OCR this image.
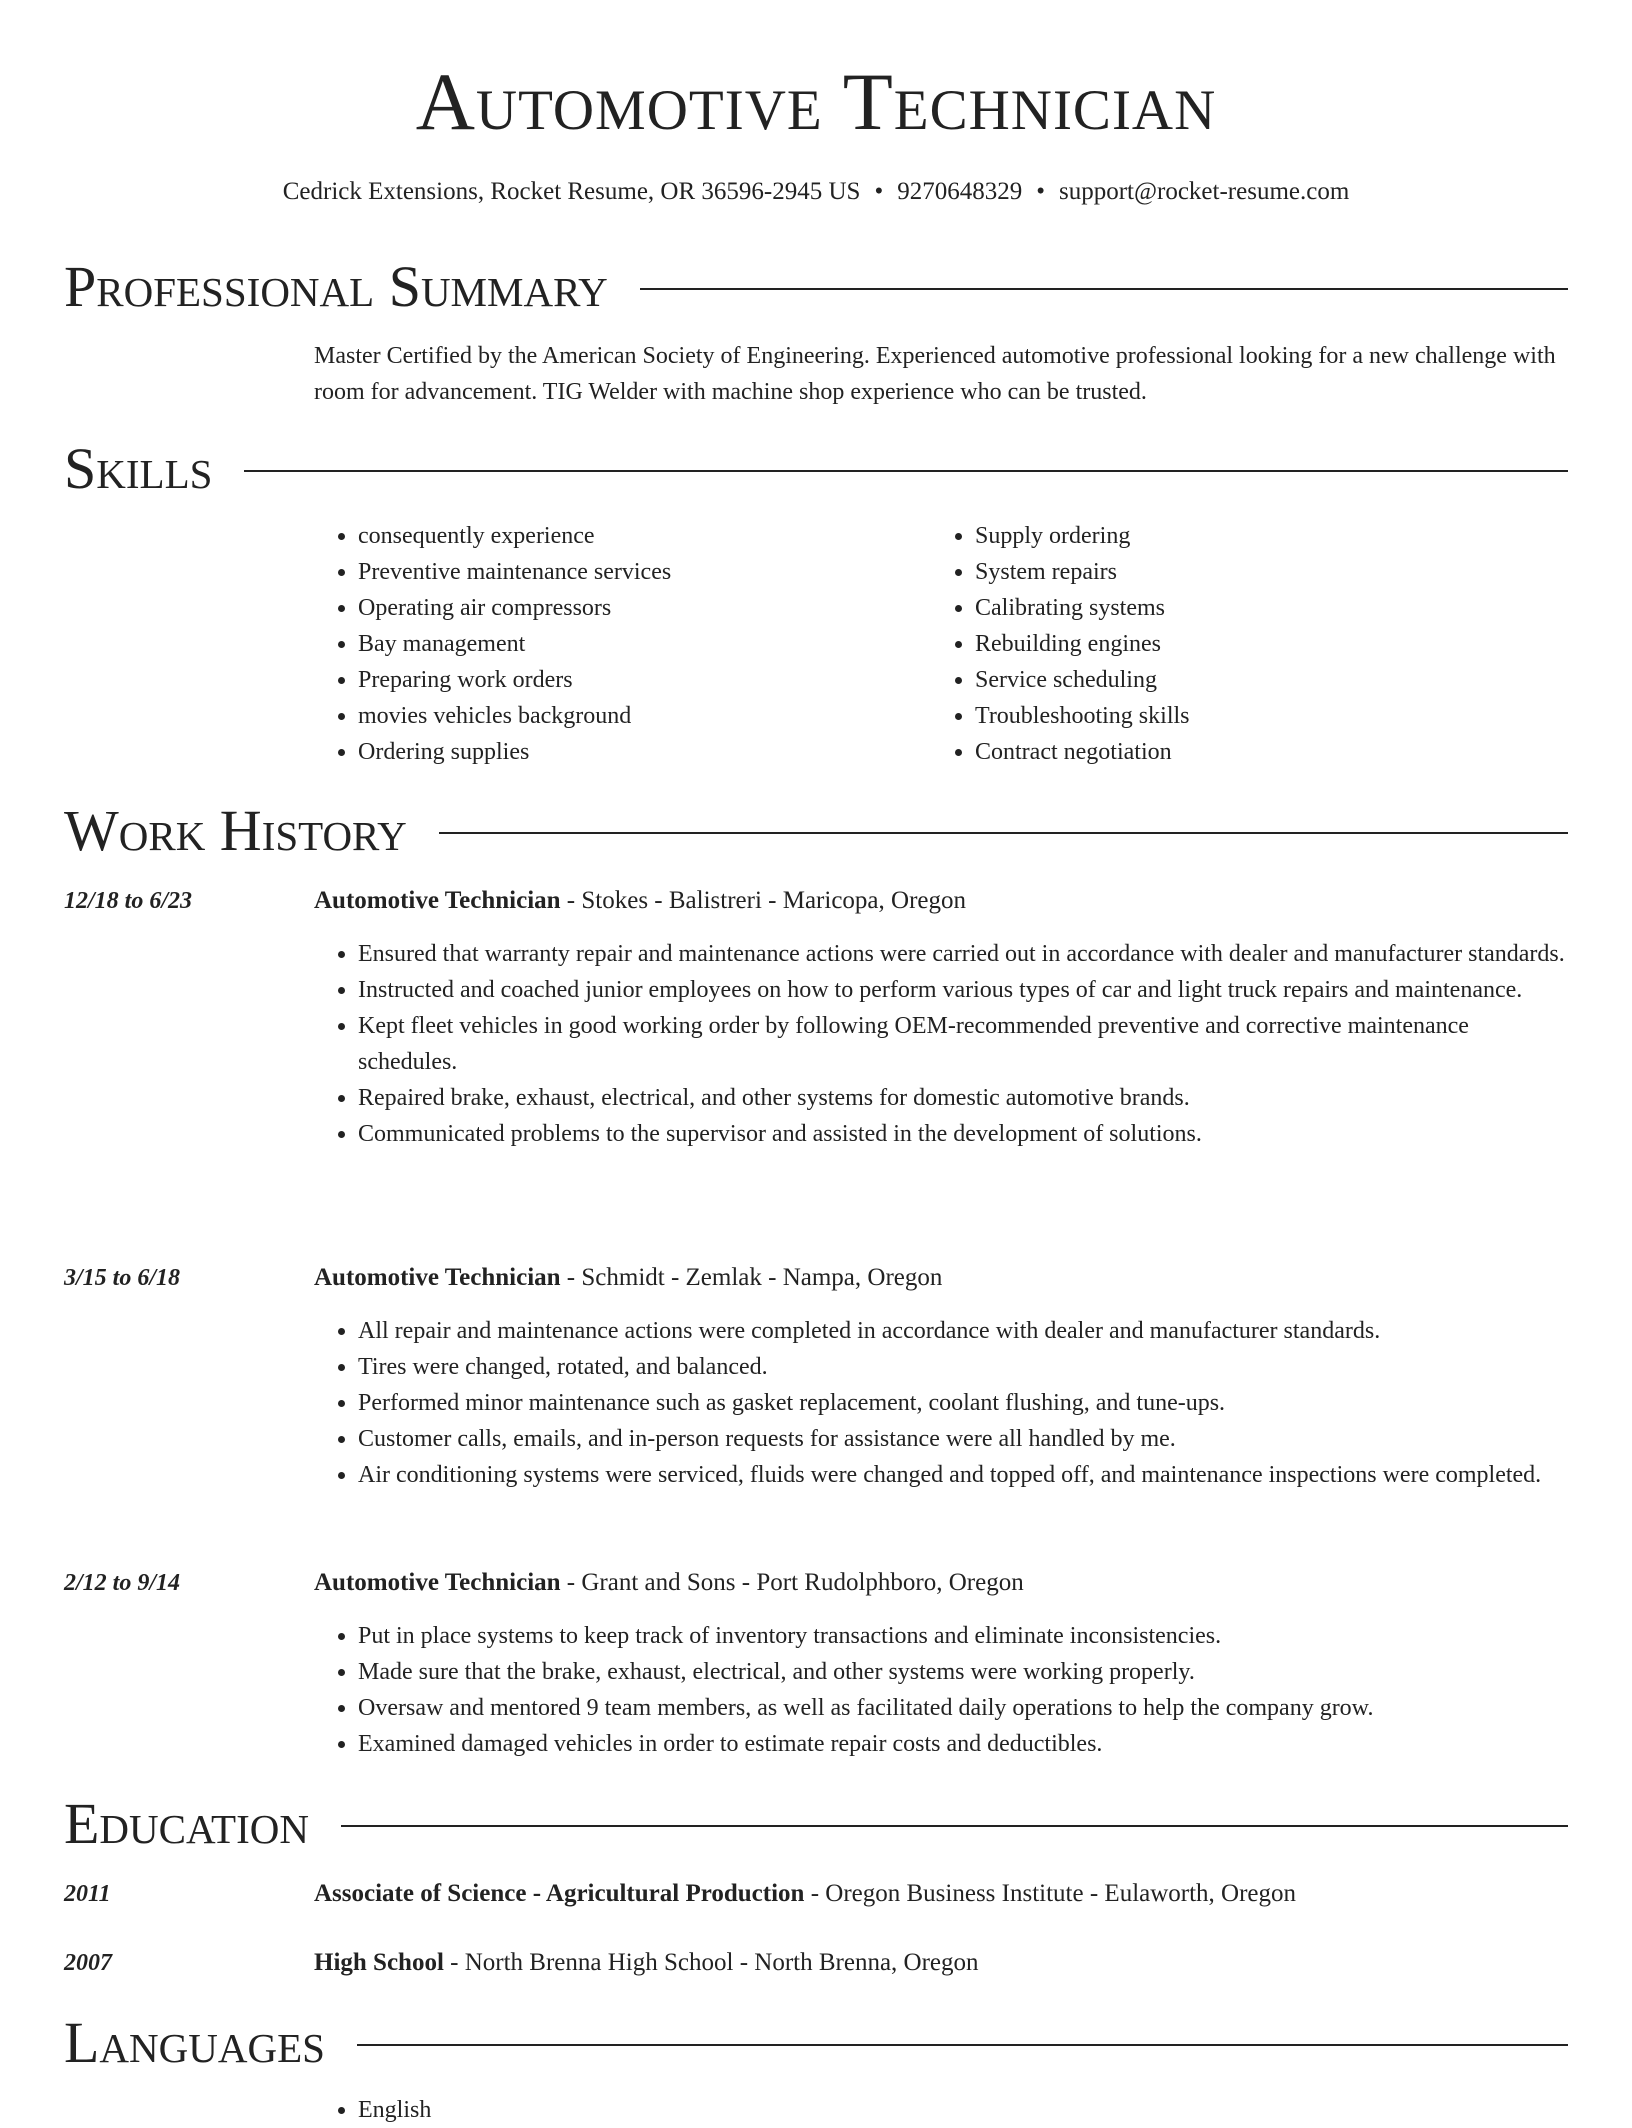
Automotive Technician
Cedrick Extensions, Rocket Resume, OR 36596-2945 US • 9270648329 • support@rocket-resume.com
Professional Summary
Master Certified by the American Society of Engineering. Experienced automotive professional looking for a new challenge with room for advancement. TIG Welder with machine shop experience who can be trusted.
Skills
• consequently experience
• Preventive maintenance services
• Operating air compressors
• Bay management
• Preparing work orders
• movies vehicles background
• Ordering supplies
• Supply ordering
• System repairs
• Calibrating systems
• Rebuilding engines
• Service scheduling
• Troubleshooting skills
• Contract negotiation
Work History
12/18 to 6/23	Automotive Technician - Stokes - Balistreri - Maricopa, Oregon
• Ensured that warranty repair and maintenance actions were carried out in accordance with dealer and manufacturer standards.
• Instructed and coached junior employees on how to perform various types of car and light truck repairs and maintenance.
• Kept fleet vehicles in good working order by following OEM-recommended preventive and corrective maintenance schedules.
• Repaired brake, exhaust, electrical, and other systems for domestic automotive brands.
• Communicated problems to the supervisor and assisted in the development of solutions.
3/15 to 6/18	Automotive Technician - Schmidt - Zemlak - Nampa, Oregon
• All repair and maintenance actions were completed in accordance with dealer and manufacturer standards.
• Tires were changed, rotated, and balanced.
• Performed minor maintenance such as gasket replacement, coolant flushing, and tune-ups.
• Customer calls, emails, and in-person requests for assistance were all handled by me.
• Air conditioning systems were serviced, fluids were changed and topped off, and maintenance inspections were completed.
2/12 to 9/14	Automotive Technician - Grant and Sons - Port Rudolphboro, Oregon
• Put in place systems to keep track of inventory transactions and eliminate inconsistencies.
• Made sure that the brake, exhaust, electrical, and other systems were working properly.
• Oversaw and mentored 9 team members, as well as facilitated daily operations to help the company grow.
• Examined damaged vehicles in order to estimate repair costs and deductibles.
Education
2011	Associate of Science - Agricultural Production - Oregon Business Institute - Eulaworth, Oregon
2007	High School - North Brenna High School - North Brenna, Oregon
Languages
• English
